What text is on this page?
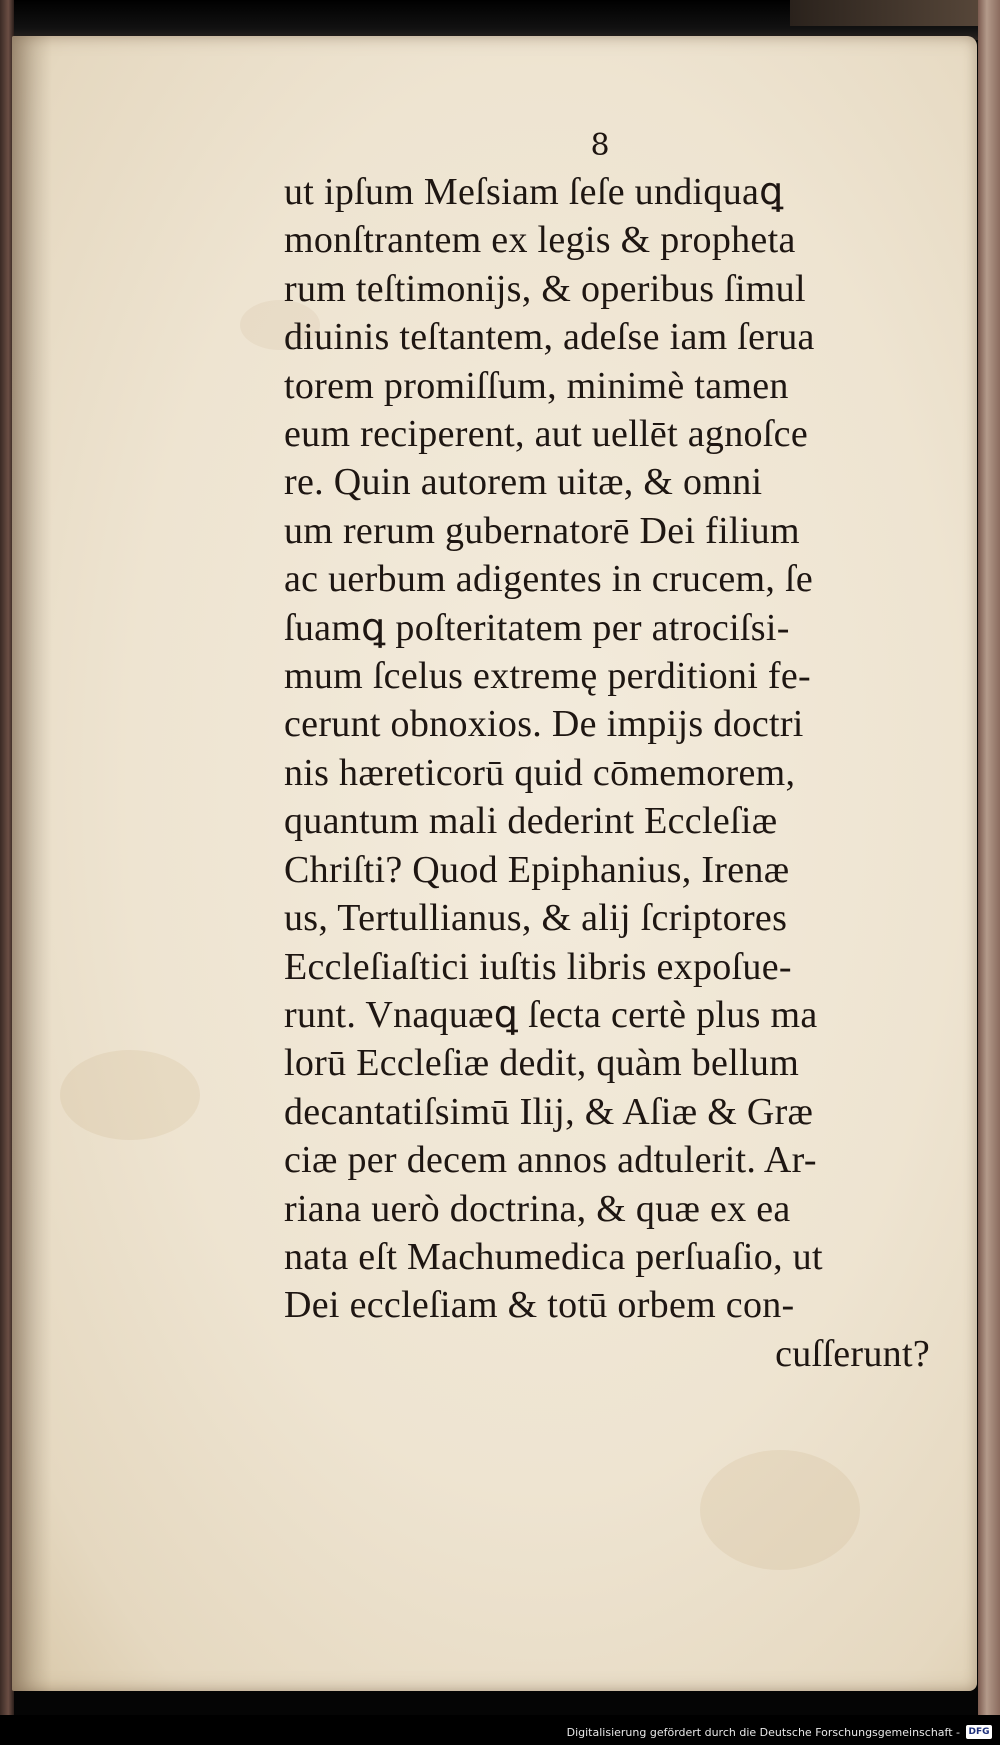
8
ut ipſum Meſsiam ſeſe undiquaꝗ
monſtrantem ex legis & propheta
rum teſtimonijs, & operibus ſimul
diuinis teſtantem, adeſse iam ſerua
torem promiſſum, minimè tamen
eum reciperent, aut uellēt agnoſce
re. Quin autorem uitæ, & omni
um rerum gubernatorē Dei filium
ac uerbum adigentes in crucem, ſe
ſuamꝗ poſteritatem per atrociſsi-
mum ſcelus extremę perditioni fe-
cerunt obnoxios. De impijs doctri
nis hæreticorū quid cōmemorem,
quantum mali dederint Eccleſiæ
Chriſti? Quod Epiphanius, Irenæ
us, Tertullianus, & alij ſcriptores
Eccleſiaſtici iuſtis libris expoſue-
runt. Vnaquæꝗ ſecta certè plus ma
lorū Eccleſiæ dedit, quàm bellum
decantatiſsimū Ilij, & Aſiæ & Græ
ciæ per decem annos adtulerit. Ar-
riana uerò doctrina, & quæ ex ea
nata eſt Machumedica perſuaſio, ut
Dei eccleſiam & totū orbem con-
cuſſerunt?
Digitalisierung gefördert durch die Deutsche Forschungsgemeinschaft - DFG
